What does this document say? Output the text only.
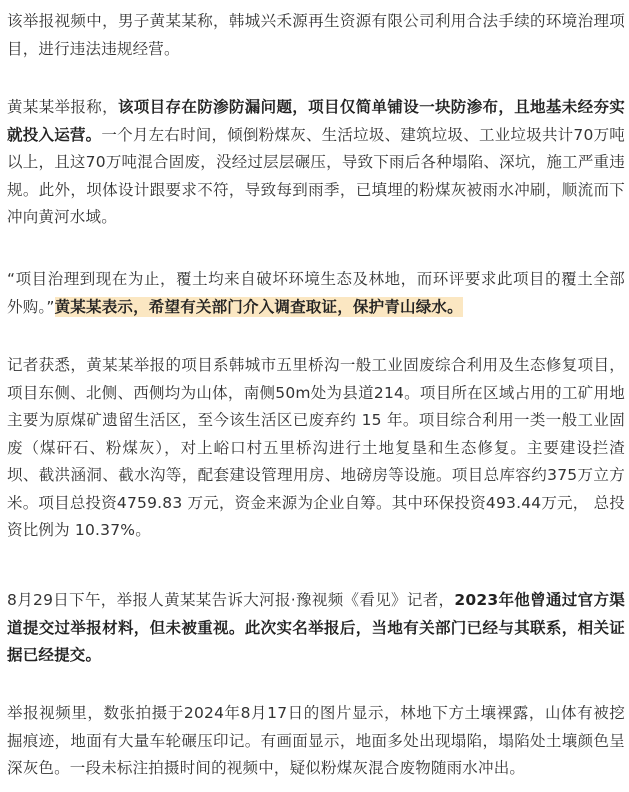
该举报视频中，男子黄某某称，韩城兴禾源再生资源有限公司利用合法手续的环境治理项目，进行违法违规经营。

黄某某举报称，该项目存在防渗防漏问题，项目仅简单铺设一块防渗布，且地基未经夯实就投入运营。一个月左右时间，倾倒粉煤灰、生活垃圾、建筑垃圾、工业垃圾共计70万吨以上，且这70万吨混合固废，没经过层层碾压，导致下雨后各种塌陷、深坑，施工严重违规。此外，坝体设计跟要求不符，导致每到雨季，已填埋的粉煤灰被雨水冲刷，顺流而下冲向黄河水域。

“项目治理到现在为止，覆土均来自破坏环境生态及林地，而环评要求此项目的覆土全部外购。”黄某某表示，希望有关部门介入调查取证，保护青山绿水。

记者获悉，黄某某举报的项目系韩城市五里桥沟一般工业固废综合利用及生态修复项目，项目东侧、北侧、西侧均为山体，南侧50m处为县道214。项目所在区域占用的工矿用地主要为原煤矿遗留生活区，至今该生活区已废弃约 15 年。项目综合利用一类一般工业固废（煤矸石、粉煤灰），对上峪口村五里桥沟进行土地复垦和生态修复。主要建设拦渣坝、截洪涵洞、截水沟等，配套建设管理用房、地磅房等设施。项目总库容约375万立方米。项目总投资4759.83 万元，资金来源为企业自筹。其中环保投资493.44万元， 总投资比例为 10.37%。

8月29日下午，举报人黄某某告诉大河报·豫视频《看见》记者，2023年他曾通过官方渠道提交过举报材料，但未被重视。此次实名举报后，当地有关部门已经与其联系，相关证据已经提交。

举报视频里，数张拍摄于2024年8月17日的图片显示，林地下方土壤裸露，山体有被挖掘痕迹，地面有大量车轮碾压印记。有画面显示，地面多处出现塌陷，塌陷处土壤颜色呈深灰色。一段未标注拍摄时间的视频中，疑似粉煤灰混合废物随雨水冲出。
